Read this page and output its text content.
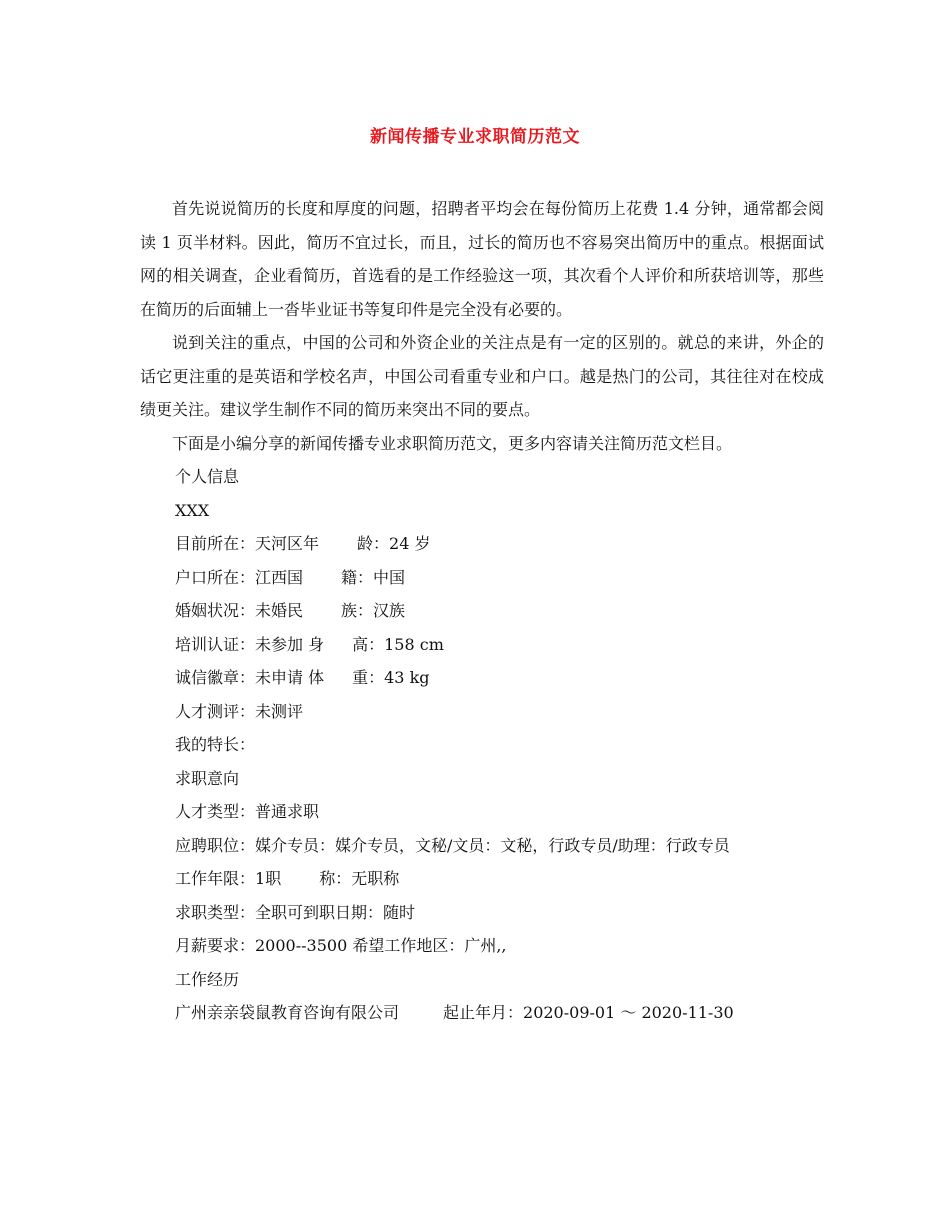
新闻传播专业求职简历范文

首先说说简历的长度和厚度的问题，招聘者平均会在每份简历上花费 1.4 分钟，通常都会阅读 1 页半材料。因此，简历不宜过长，而且，过长的简历也不容易突出简历中的重点。根据面试网的相关调查，企业看简历，首选看的是工作经验这一项，其次看个人评价和所获培训等，那些在简历的后面辅上一沓毕业证书等复印件是完全没有必要的。

说到关注的重点，中国的公司和外资企业的关注点是有一定的区别的。就总的来讲，外企的话它更注重的是英语和学校名声，中国公司看重专业和户口。越是热门的公司，其往往对在校成绩更关注。建议学生制作不同的简历来突出不同的要点。

下面是小编分享的新闻传播专业求职简历范文，更多内容请关注简历范文栏目。

个人信息

XXX

目前所在：天河区年 龄：24 岁

户口所在：江西国 籍：中国

婚姻状况：未婚民 族：汉族

培训认证：未参加 身 高：158 cm

诚信徽章：未申请 体 重：43 kg

人才测评：未测评

我的特长：

求职意向

人才类型：普通求职

应聘职位：媒介专员：媒介专员，文秘/文员：文秘，行政专员/助理：行政专员

工作年限：1职 称：无职称

求职类型：全职可到职日期：随时

月薪要求：2000--3500 希望工作地区：广州,,

工作经历

广州亲亲袋鼠教育咨询有限公司	起止年月：2020-09-01 ～ 2020-11-30
